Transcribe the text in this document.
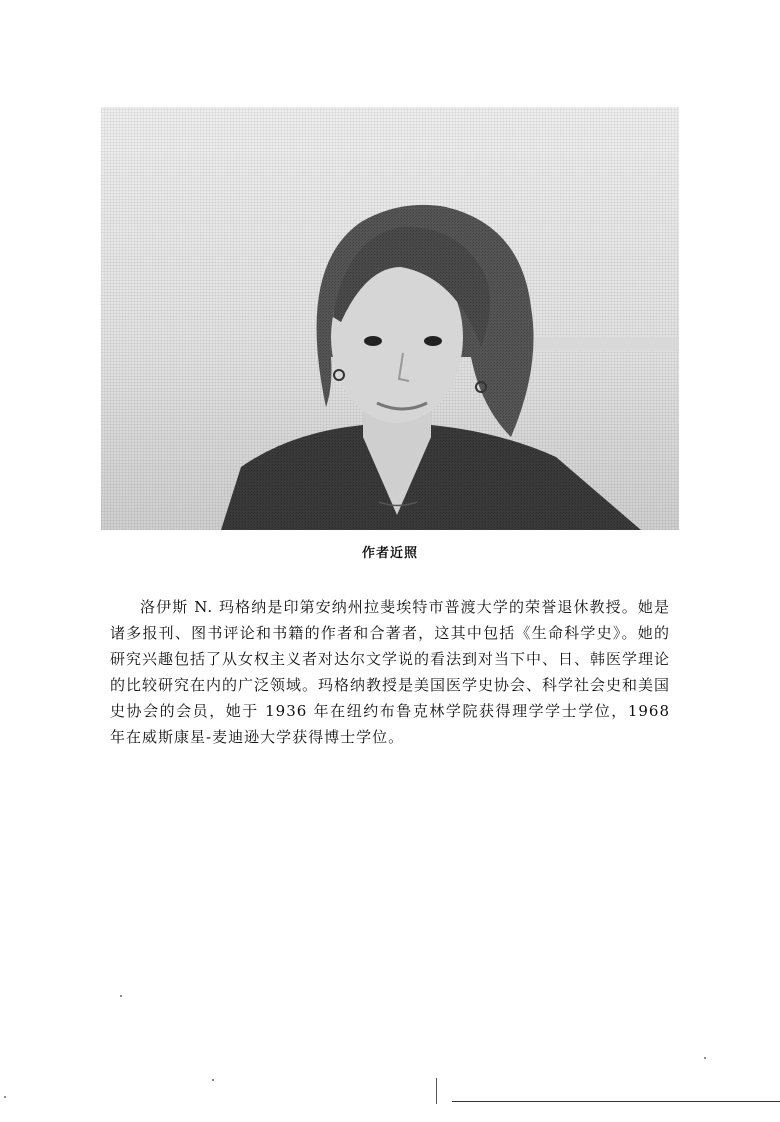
作者近照

洛伊斯 N. 玛格纳是印第安纳州拉斐埃特市普渡大学的荣誉退休教授。她是诸多报刊、图书评论和书籍的作者和合著者，这其中包括《生命科学史》。她的研究兴趣包括了从女权主义者对达尔文学说的看法到对当下中、日、韩医学理论的比较研究在内的广泛领域。玛格纳教授是美国医学史协会、科学社会史和美国史协会的会员，她于 1936 年在纽约布鲁克林学院获得理学学士学位，1968 年在威斯康星-麦迪逊大学获得博士学位。
